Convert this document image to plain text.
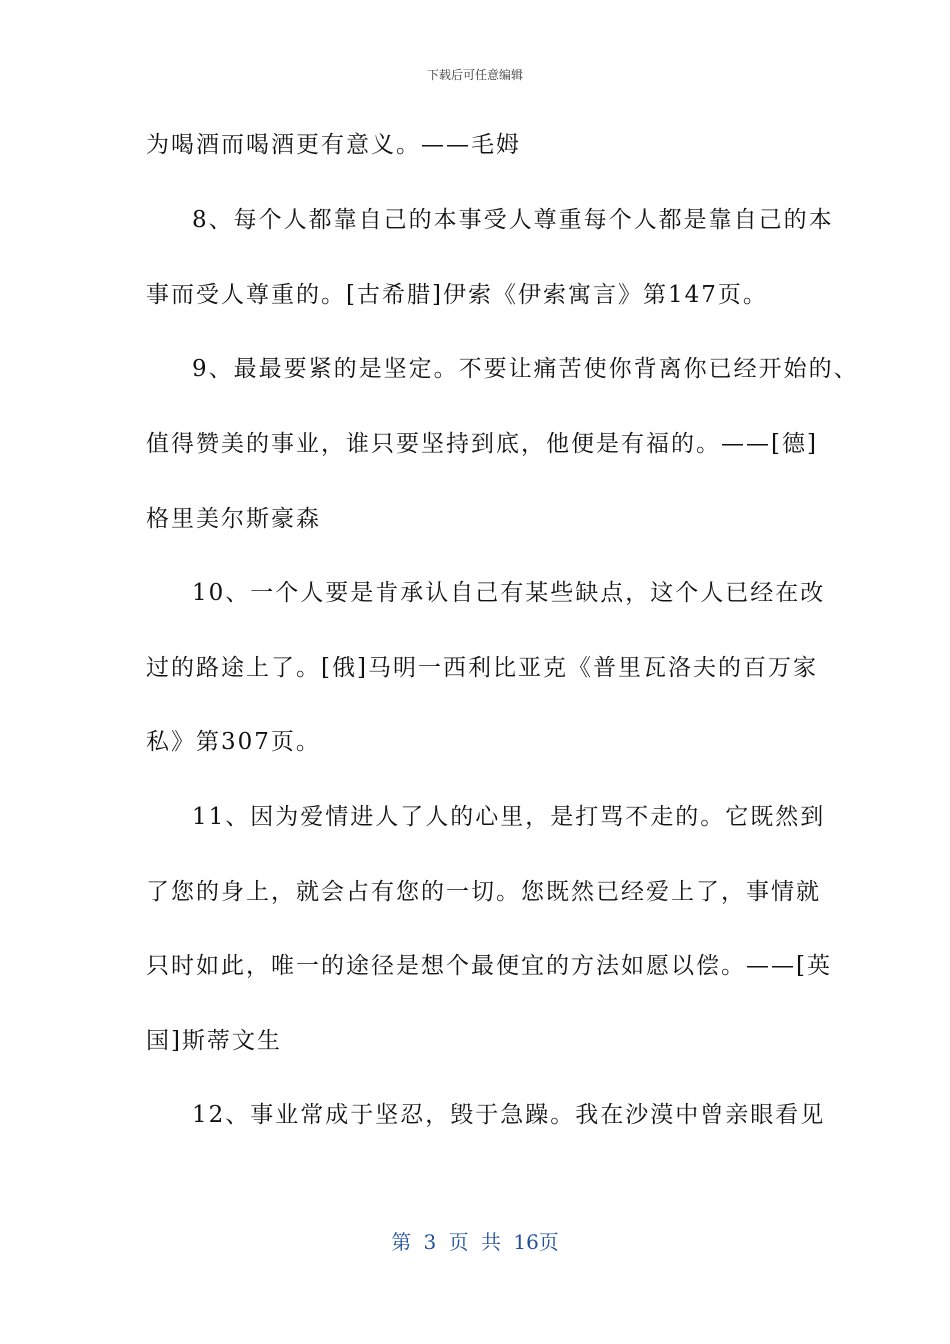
下载后可任意编辑
为喝酒而喝酒更有意义。——毛姆
8、每个人都靠自己的本事受人尊重每个人都是靠自己的本
事而受人尊重的。[古希腊]伊索《伊索寓言》第147页。
9、最最要紧的是坚定。不要让痛苦使你背离你已经开始的、
值得赞美的事业，谁只要坚持到底，他便是有福的。——[德]
格里美尔斯豪森
10、一个人要是肯承认自己有某些缺点，这个人已经在改
过的路途上了。[俄]马明一西利比亚克《普里瓦洛夫的百万家
私》第307页。
11、因为爱情进人了人的心里，是打骂不走的。它既然到
了您的身上，就会占有您的一切。您既然已经爱上了，事情就
只时如此，唯一的途径是想个最便宜的方法如愿以偿。——[英
国]斯蒂文生
12、事业常成于坚忍，毁于急躁。我在沙漠中曾亲眼看见
第 3 页 共 16页
